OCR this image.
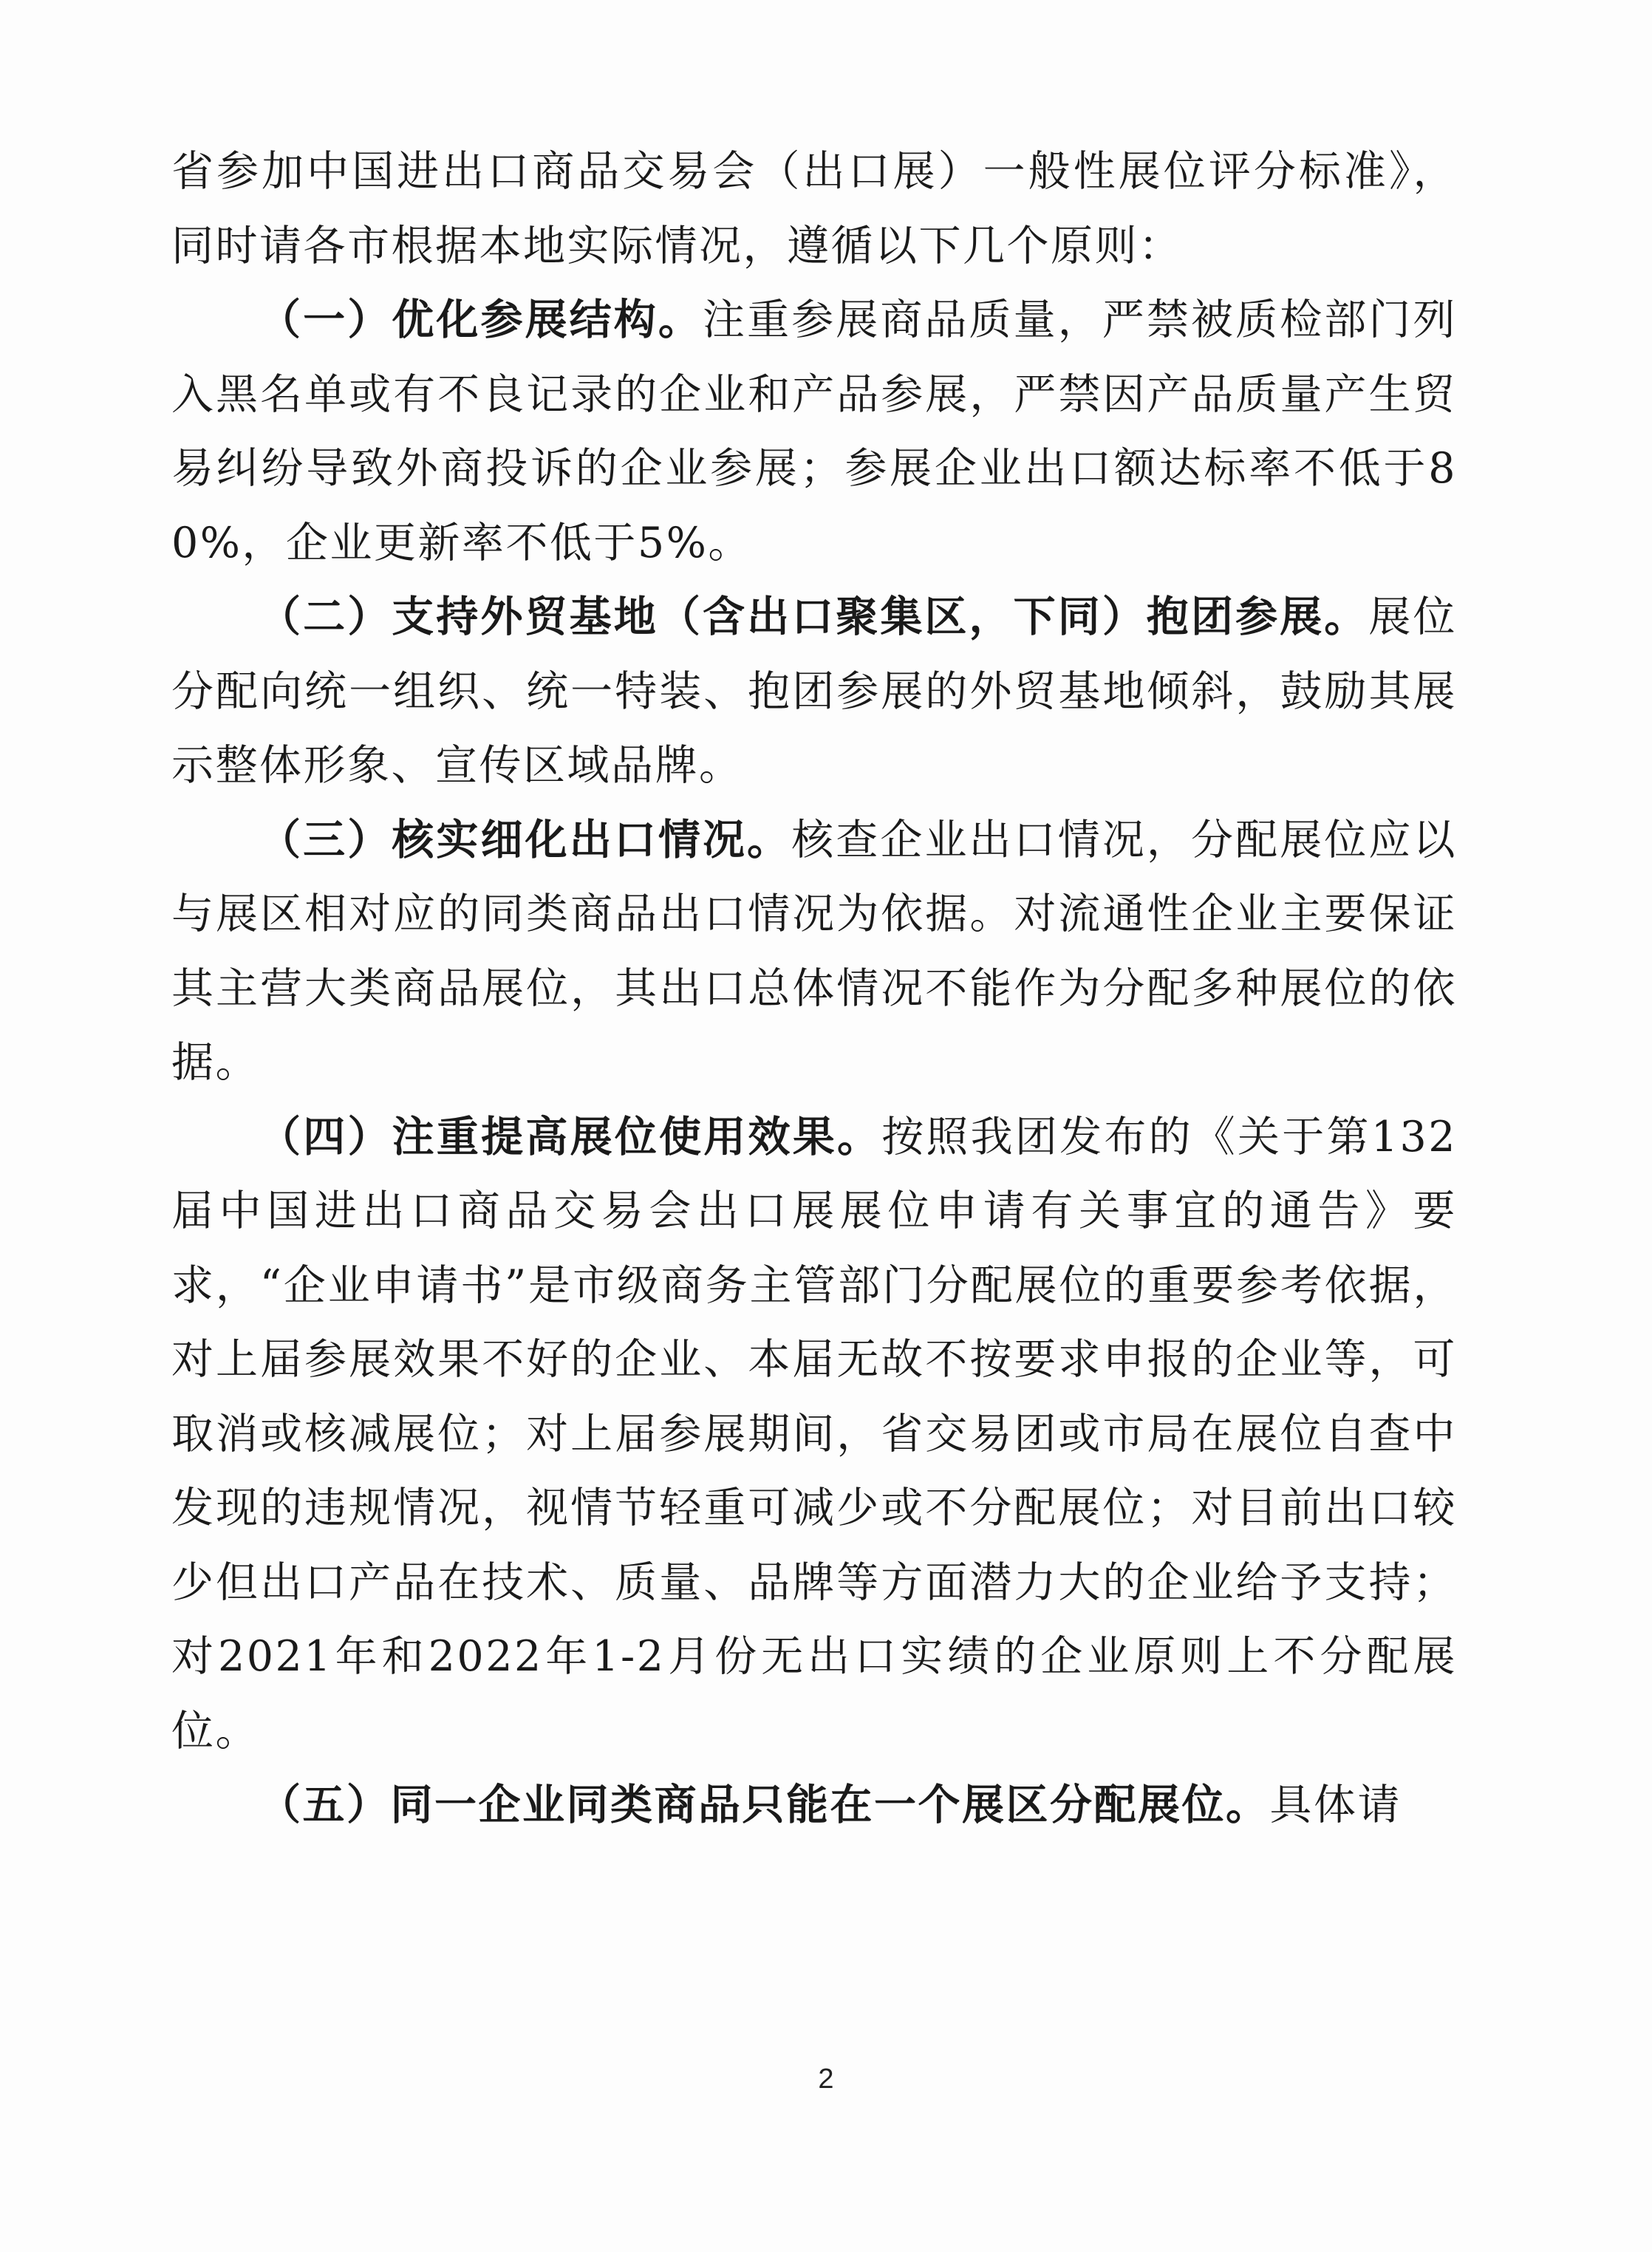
省参加中国进出口商品交易会（出口展）一般性展位评分标准》，同时请各市根据本地实际情况，遵循以下几个原则：

（一）优化参展结构。注重参展商品质量，严禁被质检部门列入黑名单或有不良记录的企业和产品参展，严禁因产品质量产生贸易纠纷导致外商投诉的企业参展；参展企业出口额达标率不低于80%，企业更新率不低于5%。

（二）支持外贸基地（含出口聚集区，下同）抱团参展。展位分配向统一组织、统一特装、抱团参展的外贸基地倾斜，鼓励其展示整体形象、宣传区域品牌。

（三）核实细化出口情况。核查企业出口情况，分配展位应以与展区相对应的同类商品出口情况为依据。对流通性企业主要保证其主营大类商品展位，其出口总体情况不能作为分配多种展位的依据。

（四）注重提高展位使用效果。按照我团发布的《关于第132届中国进出口商品交易会出口展展位申请有关事宜的通告》要求，“企业申请书”是市级商务主管部门分配展位的重要参考依据，对上届参展效果不好的企业、本届无故不按要求申报的企业等，可取消或核减展位；对上届参展期间，省交易团或市局在展位自查中发现的违规情况，视情节轻重可减少或不分配展位；对目前出口较少但出口产品在技术、质量、品牌等方面潜力大的企业给予支持；对2021年和2022年1-2月份无出口实绩的企业原则上不分配展位。

（五）同一企业同类商品只能在一个展区分配展位。具体请

2
